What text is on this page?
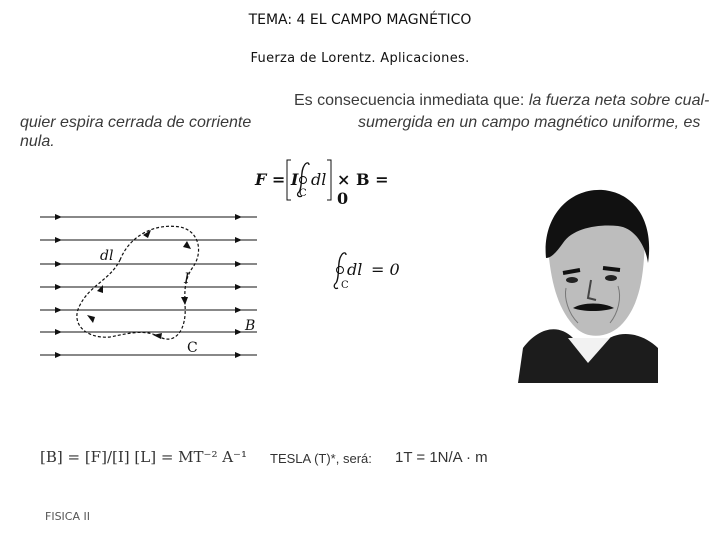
TEMA: 4 EL CAMPO MAGNÉTICO
Fuerza de Lorentz. Aplicaciones.
Es consecuencia inmediata que: la fuerza neta sobre cual-
quier espira cerrada de corriente	sumergida en un campo magnético uniforme, es
nula.
F = I dl
C
× B = 0
dl = 0
C
dl
I
B
C
[B] = [F]/[I] [L] = MT⁻² A⁻¹ TESLA (T)*, será: 1T = 1N/A · m
FISICA II
